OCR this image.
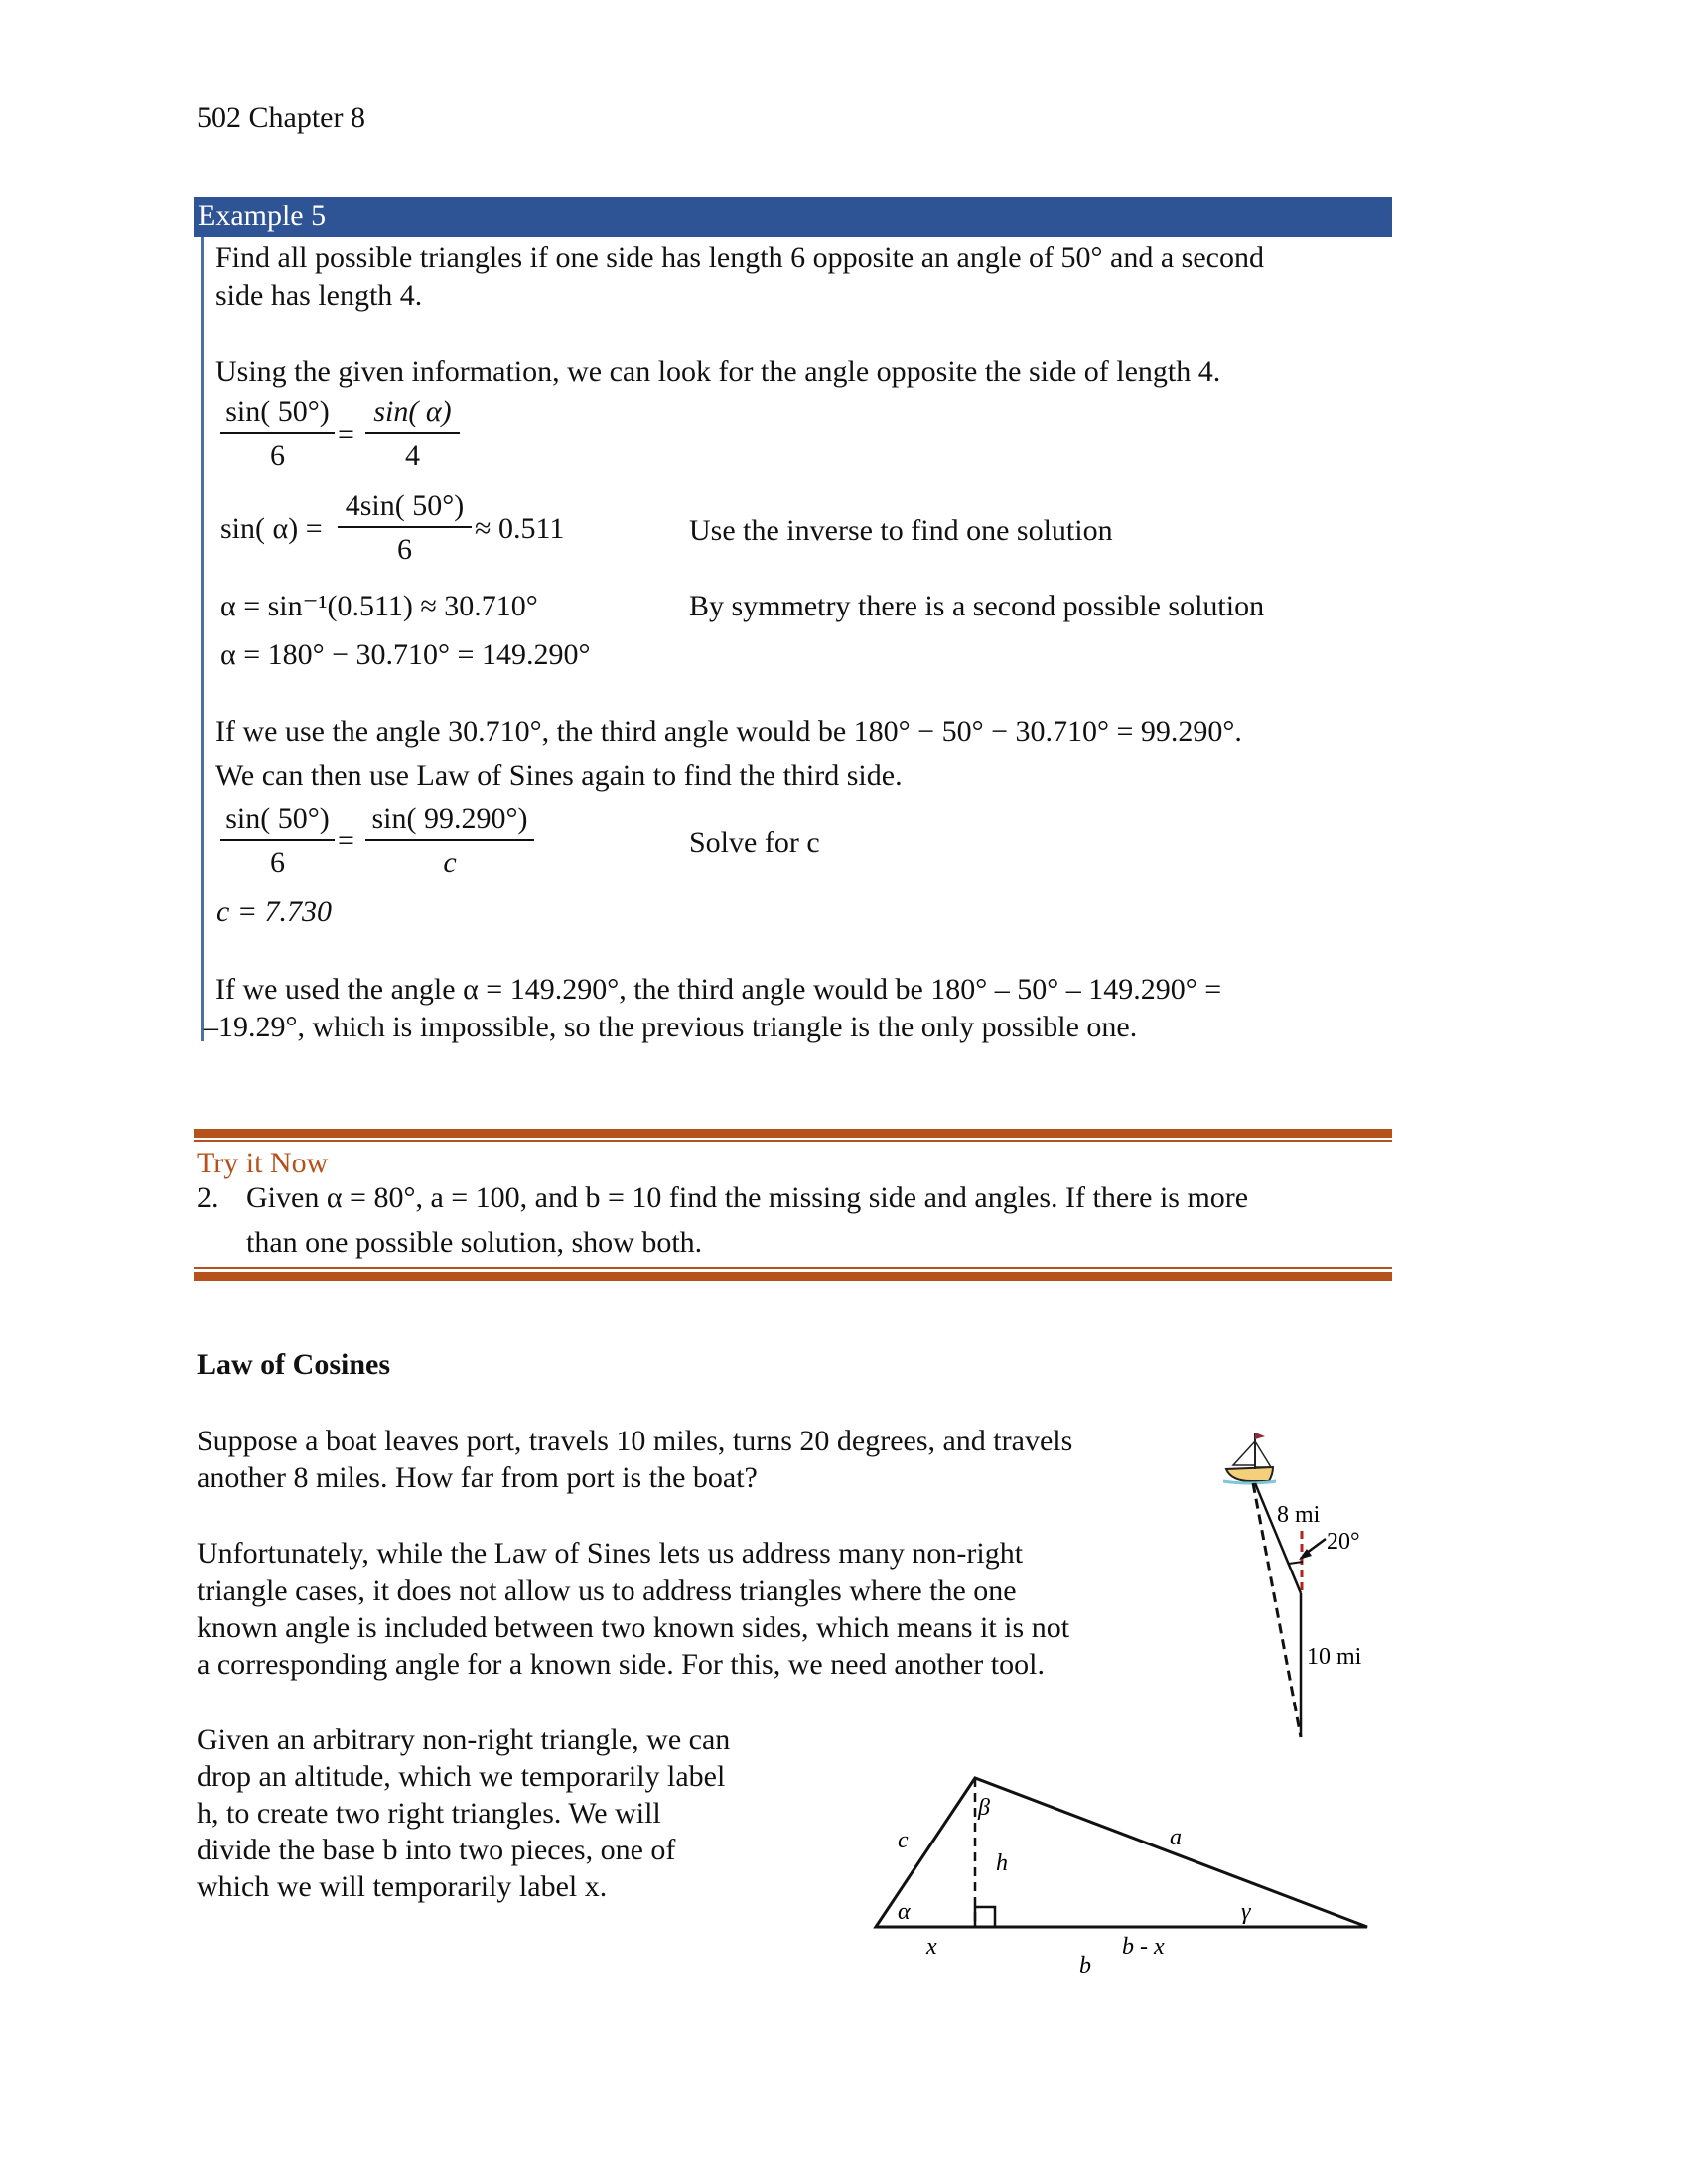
502 Chapter 8
Example 5
Find all possible triangles if one side has length 6 opposite an angle of 50° and a second
side has length 4.
Using the given information, we can look for the angle opposite the side of length 4.
sin( 50°)
6
=
sin( α)
4
sin( α) =
4sin( 50°)
6
≈ 0.511	Use the inverse to find one solution
α = sin⁻¹(0.511) ≈ 30.710°	By symmetry there is a second possible solution
α = 180° − 30.710° = 149.290°
If we use the angle 30.710°, the third angle would be 180° − 50° − 30.710° = 99.290°.
We can then use Law of Sines again to find the third side.
sin( 50°)
6
=
sin( 99.290°)
c
Solve for c
c = 7.730
If we used the angle α = 149.290°, the third angle would be 180° – 50° – 149.290° =
–19.29°, which is impossible, so the previous triangle is the only possible one.
Try it Now
2. Given α = 80°, a = 100, and b = 10 find the missing side and angles. If there is more
than one possible solution, show both.
Law of Cosines
Suppose a boat leaves port, travels 10 miles, turns 20 degrees, and travels
another 8 miles. How far from port is the boat?
Unfortunately, while the Law of Sines lets us address many non-right
triangle cases, it does not allow us to address triangles where the one
known angle is included between two known sides, which means it is not
a corresponding angle for a known side. For this, we need another tool.
Given an arbitrary non-right triangle, we can
drop an altitude, which we temporarily label
h, to create two right triangles. We will
divide the base b into two pieces, one of
which we will temporarily label x.
8 mi
20°
10 mi
c
β
h
a
α	γ
x	b - x
b
